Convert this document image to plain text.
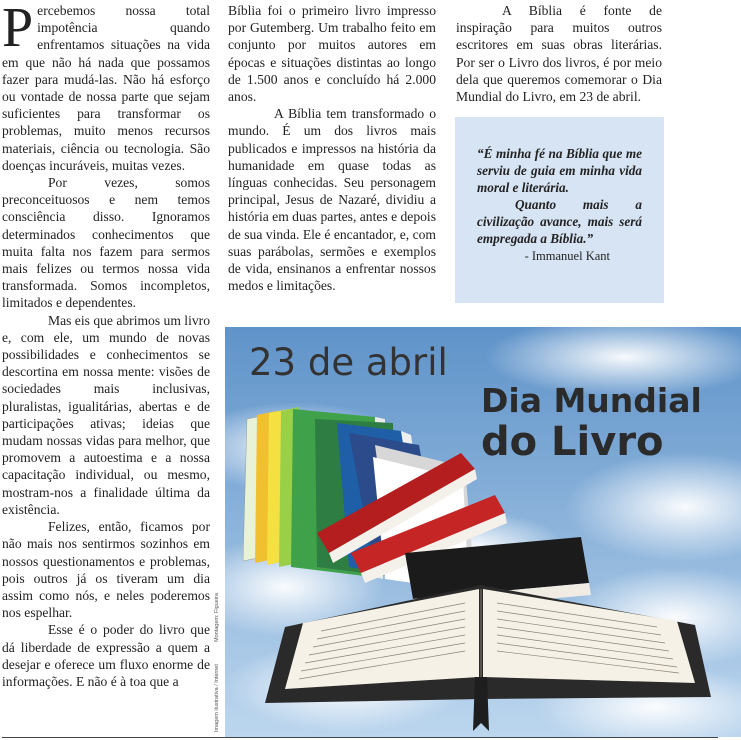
Percebemos nossa total impotência quando enfrentamos situações na vida em que não há nada que possamos fazer para mudá-las. Não há esforço ou vontade de nossa parte que sejam suficientes para transformar os problemas, muito menos recursos materiais, ciência ou tecnologia. São doenças incuráveis, muitas vezes.

Por vezes, somos preconceituosos e nem temos consciência disso. Ignoramos determinados conhecimentos que muita falta nos fazem para sermos mais felizes ou termos nossa vida transformada. Somos incompletos, limitados e dependentes.

Mas eis que abrimos um livro e, com ele, um mundo de novas possibilidades e conhecimentos se descortina em nossa mente: visões de sociedades mais inclusivas, pluralistas, igualitárias, abertas e de participações ativas; ideias que mudam nossas vidas para melhor, que promovem a autoestima e a nossa capacitação individual, ou mesmo, mostram-nos a finalidade última da existência.

Felizes, então, ficamos por não mais nos sentirmos sozinhos em nossos questionamentos e problemas, pois outros já os tiveram um dia assim como nós, e neles poderemos nos espelhar.

Esse é o poder do livro que dá liberdade de expressão a quem a desejar e oferece um fluxo enorme de informações. E não é à toa que a

Bíblia foi o primeiro livro impresso por Gutemberg. Um trabalho feito em conjunto por muitos autores em épocas e situações distintas ao longo de 1.500 anos e concluído há 2.000 anos.

A Bíblia tem transformado o mundo. É um dos livros mais publicados e impressos na história da humanidade em quase todas as línguas conhecidas. Seu personagem principal, Jesus de Nazaré, dividiu a história em duas partes, antes e depois de sua vinda. Ele é encantador, e, com suas parábolas, sermões e exemplos de vida, ensinanos a enfrentar nossos medos e limitações.

A Bíblia é fonte de inspiração para muitos outros escritores em suas obras literárias. Por ser o Livro dos livros, é por meio dela que queremos comemorar o Dia Mundial do Livro, em 23 de abril.

“É minha fé na Bíblia que me serviu de guia em minha vida moral e literária.

Quanto mais a civilização avance, mais será empregada a Bíblia.”

- Immanuel Kant
23 de abril
Dia Mundial
do Livro
Imagem ilustrativa / Internet
Montagem: Figueira
